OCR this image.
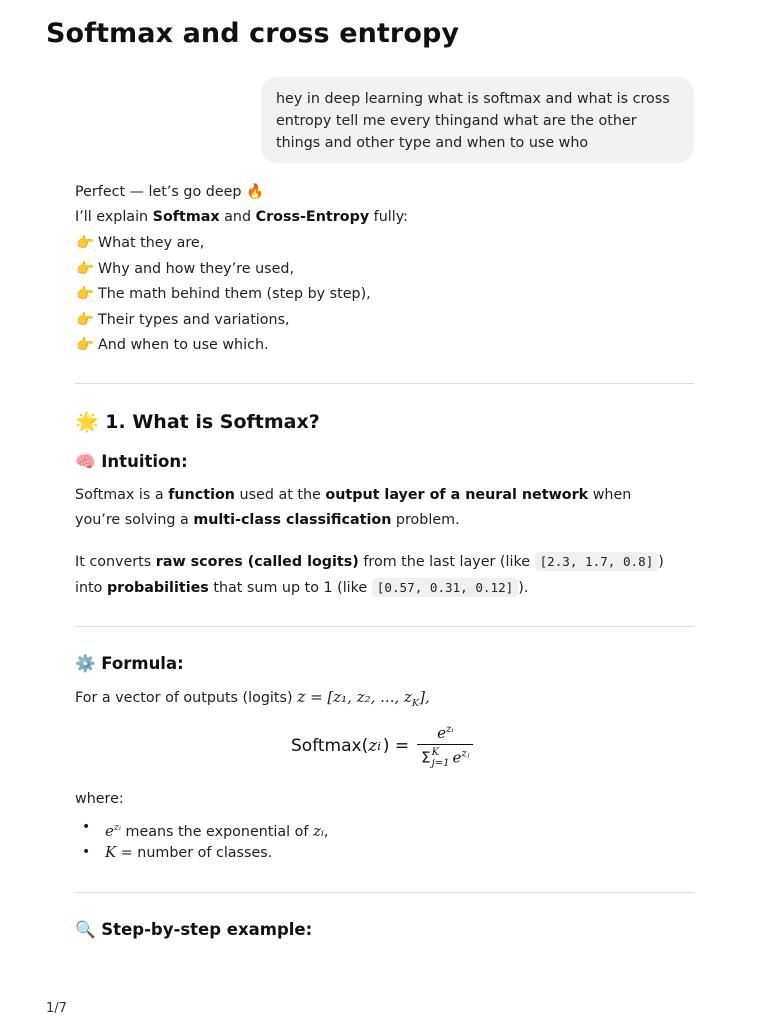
Softmax and cross entropy
hey in deep learning what is softmax and what is cross entropy tell me every thingand what are the other things and other type and when to use who
Perfect — let’s go deep 🔥
I’ll explain Softmax and Cross-Entropy fully:
👉 What they are,
👉 Why and how they’re used,
👉 The math behind them (step by step),
👉 Their types and variations,
👉 And when to use which.
🌟 1. What is Softmax?
🧠 Intuition:
Softmax is a function used at the output layer of a neural network when you’re solving a multi-class classification problem.
It converts raw scores (called logits) from the last layer (like [2.3, 1.7, 0.8] ) into probabilities that sum up to 1 (like [0.57, 0.31, 0.12] ).
⚙️ Formula:
For a vector of outputs (logits) z = [z₁, z₂, ..., $z_K$],
Softmax( z i ) = $e^{zᵢ}$
Σ K
j=1 $e^{zⱼ}$
where:
• $e^{zᵢ}$ means the exponential of zᵢ,
• K = number of classes.
🔍 Step-by-step example:
1/7
